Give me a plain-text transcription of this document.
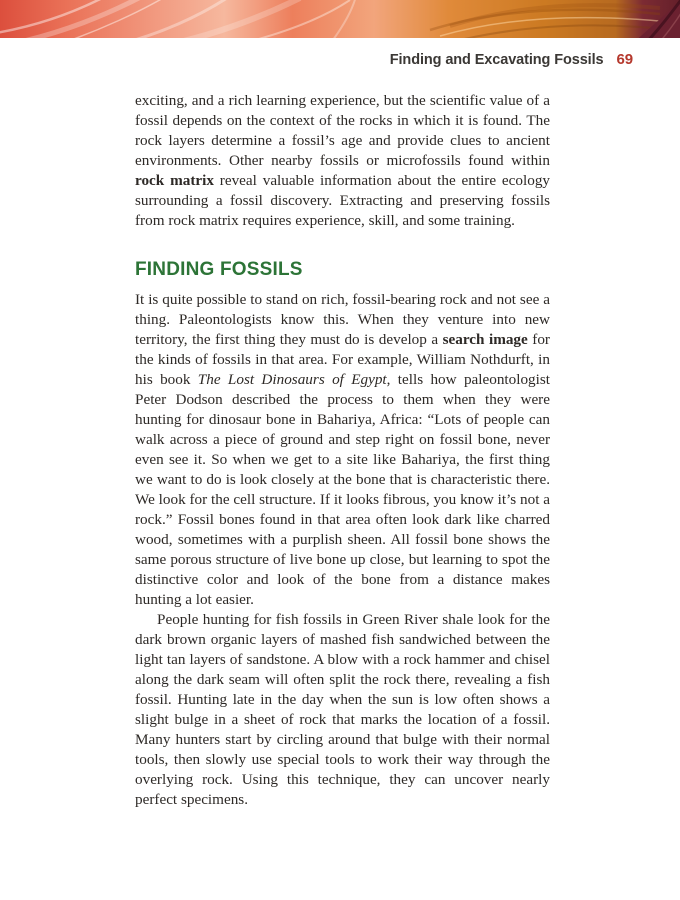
Finding and Excavating Fossils 69

exciting, and a rich learning experience, but the scientific value of a fossil depends on the context of the rocks in which it is found. The rock layers determine a fossil’s age and provide clues to ancient environments. Other nearby fossils or microfossils found within rock matrix reveal valuable information about the entire ecology surrounding a fossil discovery. Extracting and preserving fossils from rock matrix requires experience, skill, and some training.

FINDING FOSSILS

It is quite possible to stand on rich, fossil-bearing rock and not see a thing. Paleontologists know this. When they venture into new territory, the first thing they must do is develop a search image for the kinds of fossils in that area. For example, William Nothdurft, in his book The Lost Dinosaurs of Egypt, tells how paleontologist Peter Dodson described the process to them when they were hunting for dinosaur bone in Bahariya, Africa: “Lots of people can walk across a piece of ground and step right on fossil bone, never even see it. So when we get to a site like Bahariya, the first thing we want to do is look closely at the bone that is characteristic there. We look for the cell structure. If it looks fibrous, you know it’s not a rock.” Fossil bones found in that area often look dark like charred wood, sometimes with a purplish sheen. All fossil bone shows the same porous structure of live bone up close, but learning to spot the distinctive color and look of the bone from a distance makes hunting a lot easier.

People hunting for fish fossils in Green River shale look for the dark brown organic layers of mashed fish sandwiched between the light tan layers of sandstone. A blow with a rock hammer and chisel along the dark seam will often split the rock there, revealing a fish fossil. Hunting late in the day when the sun is low often shows a slight bulge in a sheet of rock that marks the location of a fossil. Many hunters start by circling around that bulge with their normal tools, then slowly use special tools to work their way through the overlying rock. Using this technique, they can uncover nearly perfect specimens.
